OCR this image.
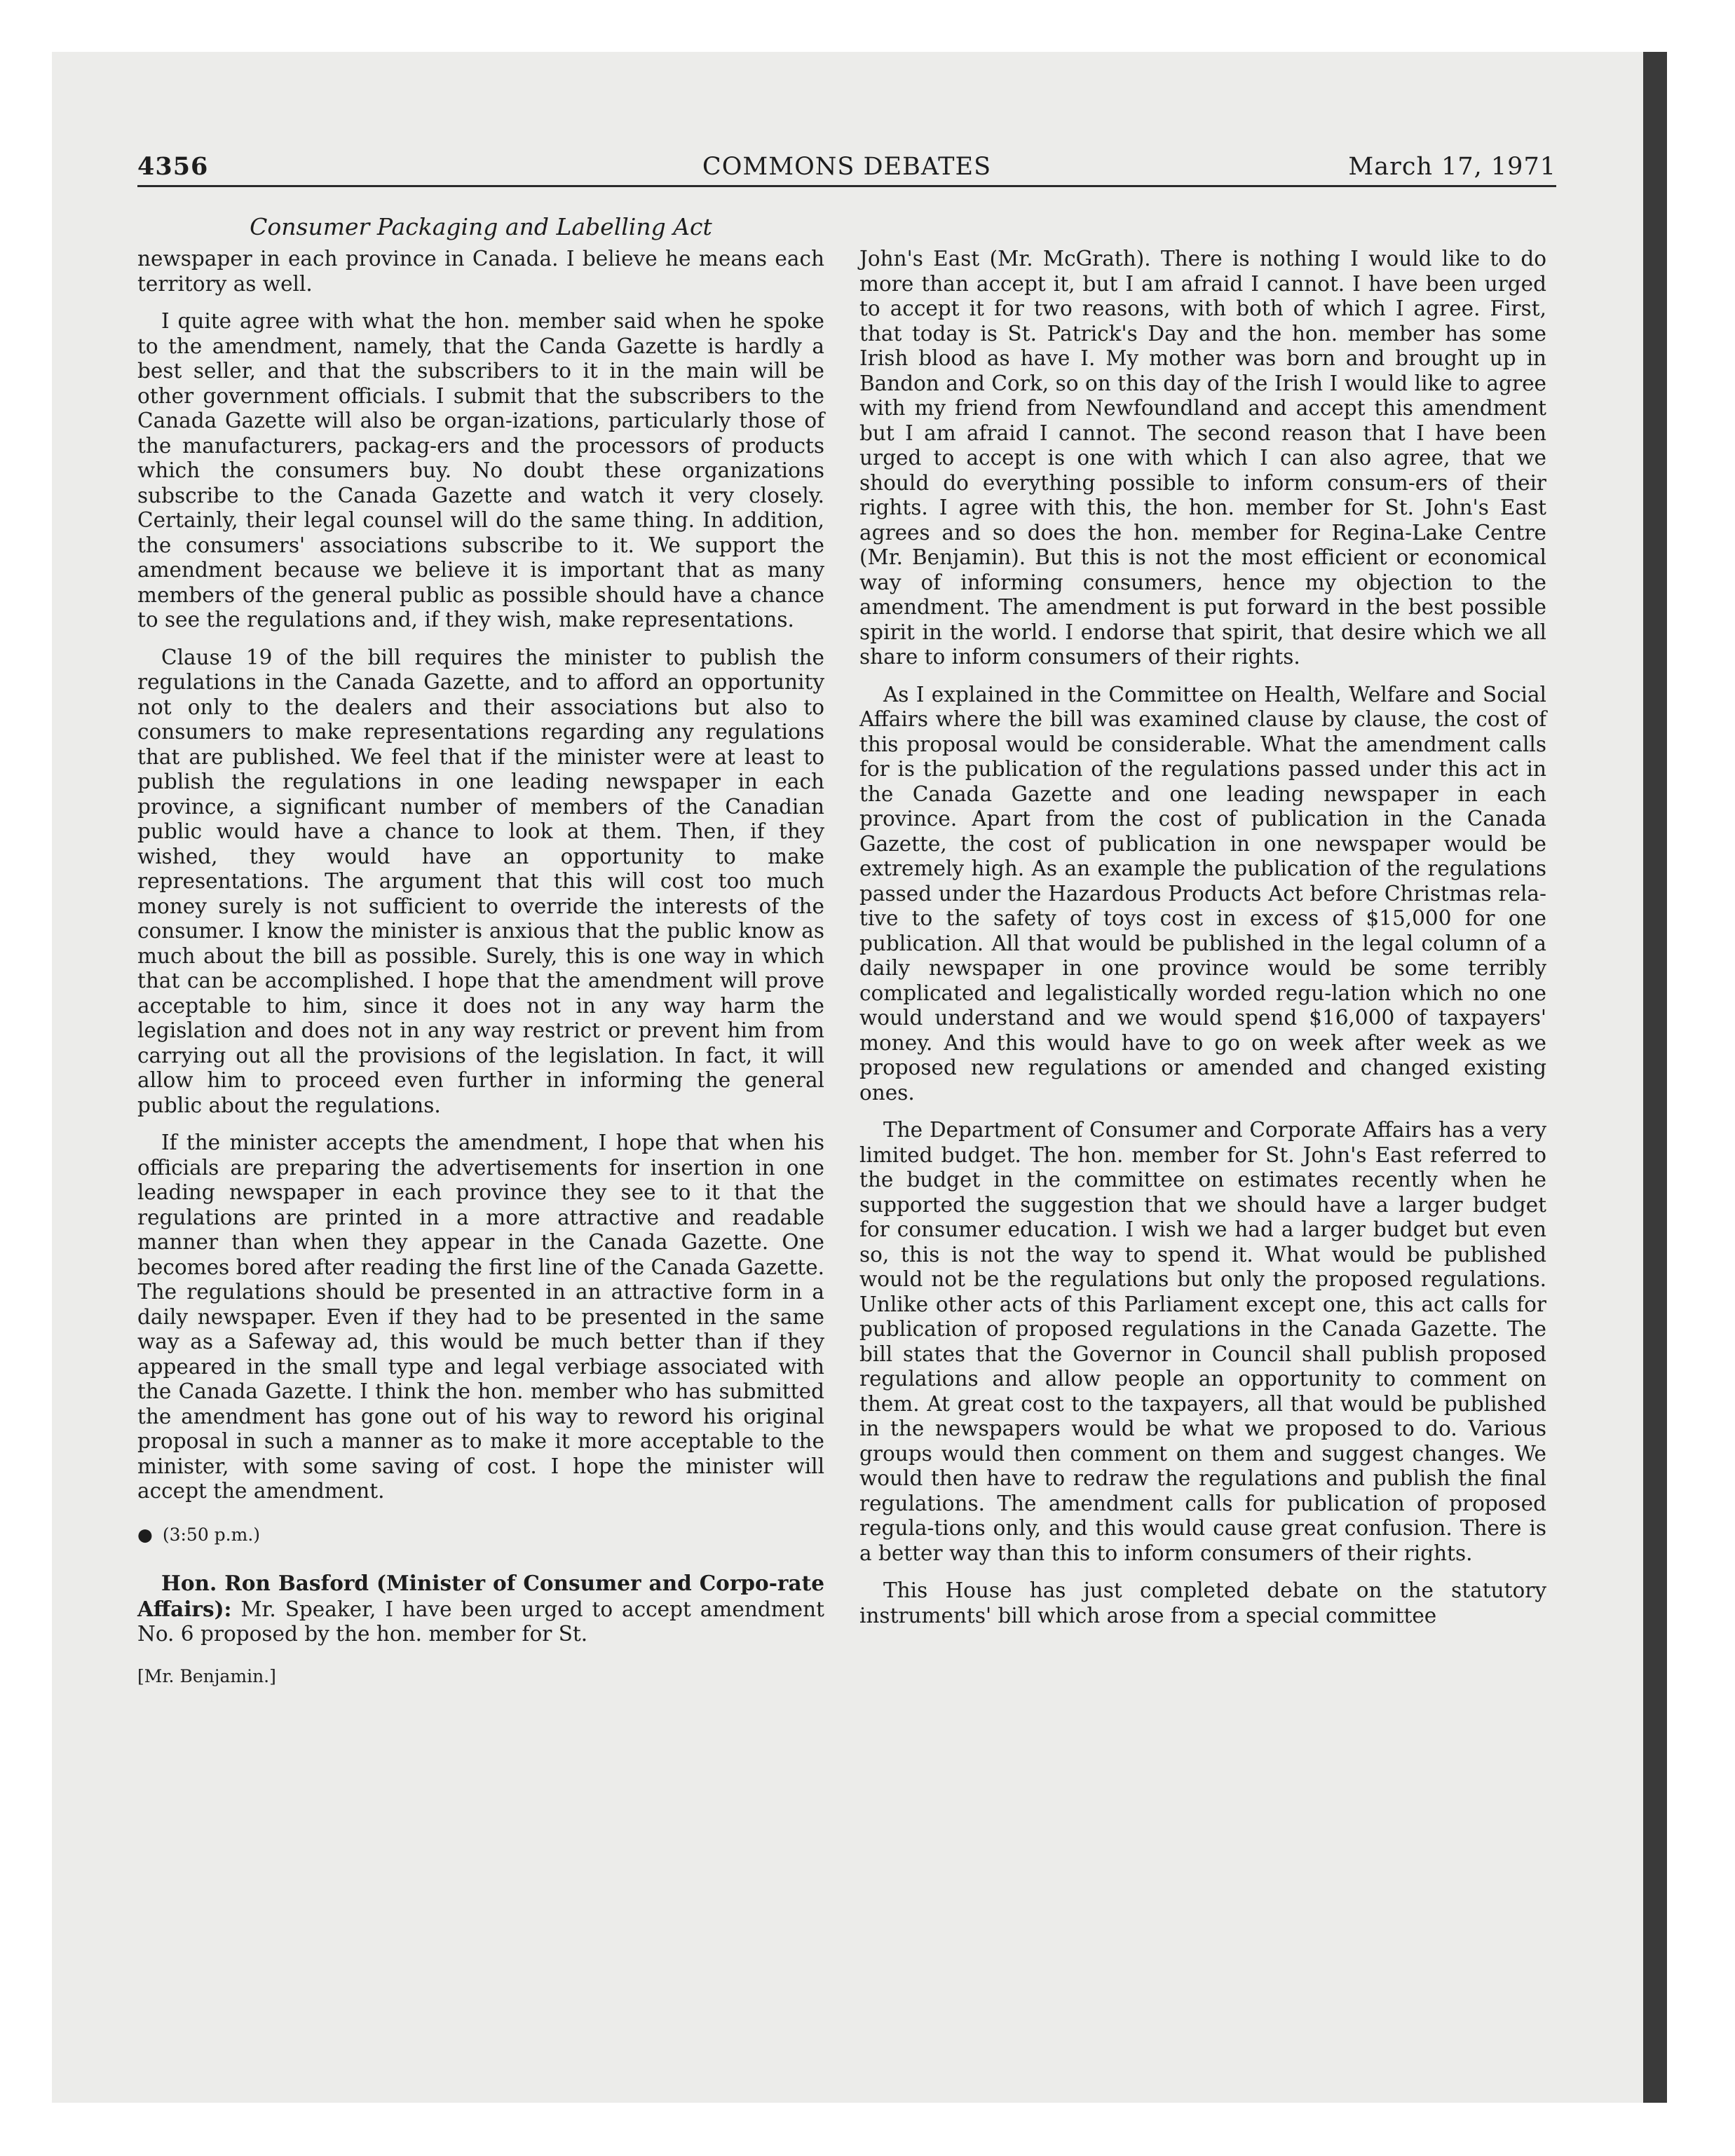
COMMONS DEBATES
4356	March 17, 1971
Consumer Packaging and Labelling Act

newspaper in each province in Canada. I believe he means each territory as well.

I quite agree with what the hon. member said when he spoke to the amendment, namely, that the Canda Gazette is hardly a best seller, and that the subscribers to it in the main will be other government officials. I submit that the subscribers to the Canada Gazette will also be organ-izations, particularly those of the manufacturers, packag-ers and the processors of products which the consumers buy. No doubt these organizations subscribe to the Canada Gazette and watch it very closely. Certainly, their legal counsel will do the same thing. In addition, the consumers' associations subscribe to it. We support the amendment because we believe it is important that as many members of the general public as possible should have a chance to see the regulations and, if they wish, make representations.

Clause 19 of the bill requires the minister to publish the regulations in the Canada Gazette, and to afford an opportunity not only to the dealers and their associations but also to consumers to make representations regarding any regulations that are published. We feel that if the minister were at least to publish the regulations in one leading newspaper in each province, a significant number of members of the Canadian public would have a chance to look at them. Then, if they wished, they would have an opportunity to make representations. The argument that this will cost too much money surely is not sufficient to override the interests of the consumer. I know the minister is anxious that the public know as much about the bill as possible. Surely, this is one way in which that can be accomplished. I hope that the amendment will prove acceptable to him, since it does not in any way harm the legislation and does not in any way restrict or prevent him from carrying out all the provisions of the legislation. In fact, it will allow him to proceed even further in informing the general public about the regulations.

If the minister accepts the amendment, I hope that when his officials are preparing the advertisements for insertion in one leading newspaper in each province they see to it that the regulations are printed in a more attractive and readable manner than when they appear in the Canada Gazette. One becomes bored after reading the first line of the Canada Gazette. The regulations should be presented in an attractive form in a daily newspaper. Even if they had to be presented in the same way as a Safeway ad, this would be much better than if they appeared in the small type and legal verbiage associated with the Canada Gazette. I think the hon. member who has submitted the amendment has gone out of his way to reword his original proposal in such a manner as to make it more acceptable to the minister, with some saving of cost. I hope the minister will accept the amendment.

● (3:50 p.m.)

Hon. Ron Basford (Minister of Consumer and Corpo-rate Affairs): Mr. Speaker, I have been urged to accept amendment No. 6 proposed by the hon. member for St.

[Mr. Benjamin.]

John's East (Mr. McGrath). There is nothing I would like to do more than accept it, but I am afraid I cannot. I have been urged to accept it for two reasons, with both of which I agree. First, that today is St. Patrick's Day and the hon. member has some Irish blood as have I. My mother was born and brought up in Bandon and Cork, so on this day of the Irish I would like to agree with my friend from Newfoundland and accept this amendment but I am afraid I cannot. The second reason that I have been urged to accept is one with which I can also agree, that we should do everything possible to inform consum-ers of their rights. I agree with this, the hon. member for St. John's East agrees and so does the hon. member for Regina-Lake Centre (Mr. Benjamin). But this is not the most efficient or economical way of informing consumers, hence my objection to the amendment. The amendment is put forward in the best possible spirit in the world. I endorse that spirit, that desire which we all share to inform consumers of their rights.

As I explained in the Committee on Health, Welfare and Social Affairs where the bill was examined clause by clause, the cost of this proposal would be considerable. What the amendment calls for is the publication of the regulations passed under this act in the Canada Gazette and one leading newspaper in each province. Apart from the cost of publication in the Canada Gazette, the cost of publication in one newspaper would be extremely high. As an example the publication of the regulations passed under the Hazardous Products Act before Christmas rela-tive to the safety of toys cost in excess of $15,000 for one publication. All that would be published in the legal column of a daily newspaper in one province would be some terribly complicated and legalistically worded regu-lation which no one would understand and we would spend $16,000 of taxpayers' money. And this would have to go on week after week as we proposed new regulations or amended and changed existing ones.

The Department of Consumer and Corporate Affairs has a very limited budget. The hon. member for St. John's East referred to the budget in the committee on estimates recently when he supported the suggestion that we should have a larger budget for consumer education. I wish we had a larger budget but even so, this is not the way to spend it. What would be published would not be the regulations but only the proposed regulations. Unlike other acts of this Parliament except one, this act calls for publication of proposed regulations in the Canada Gazette. The bill states that the Governor in Council shall publish proposed regulations and allow people an opportunity to comment on them. At great cost to the taxpayers, all that would be published in the newspapers would be what we proposed to do. Various groups would then comment on them and suggest changes. We would then have to redraw the regulations and publish the final regulations. The amendment calls for publication of proposed regula-tions only, and this would cause great confusion. There is a better way than this to inform consumers of their rights.

This House has just completed debate on the statutory instruments' bill which arose from a special committee
